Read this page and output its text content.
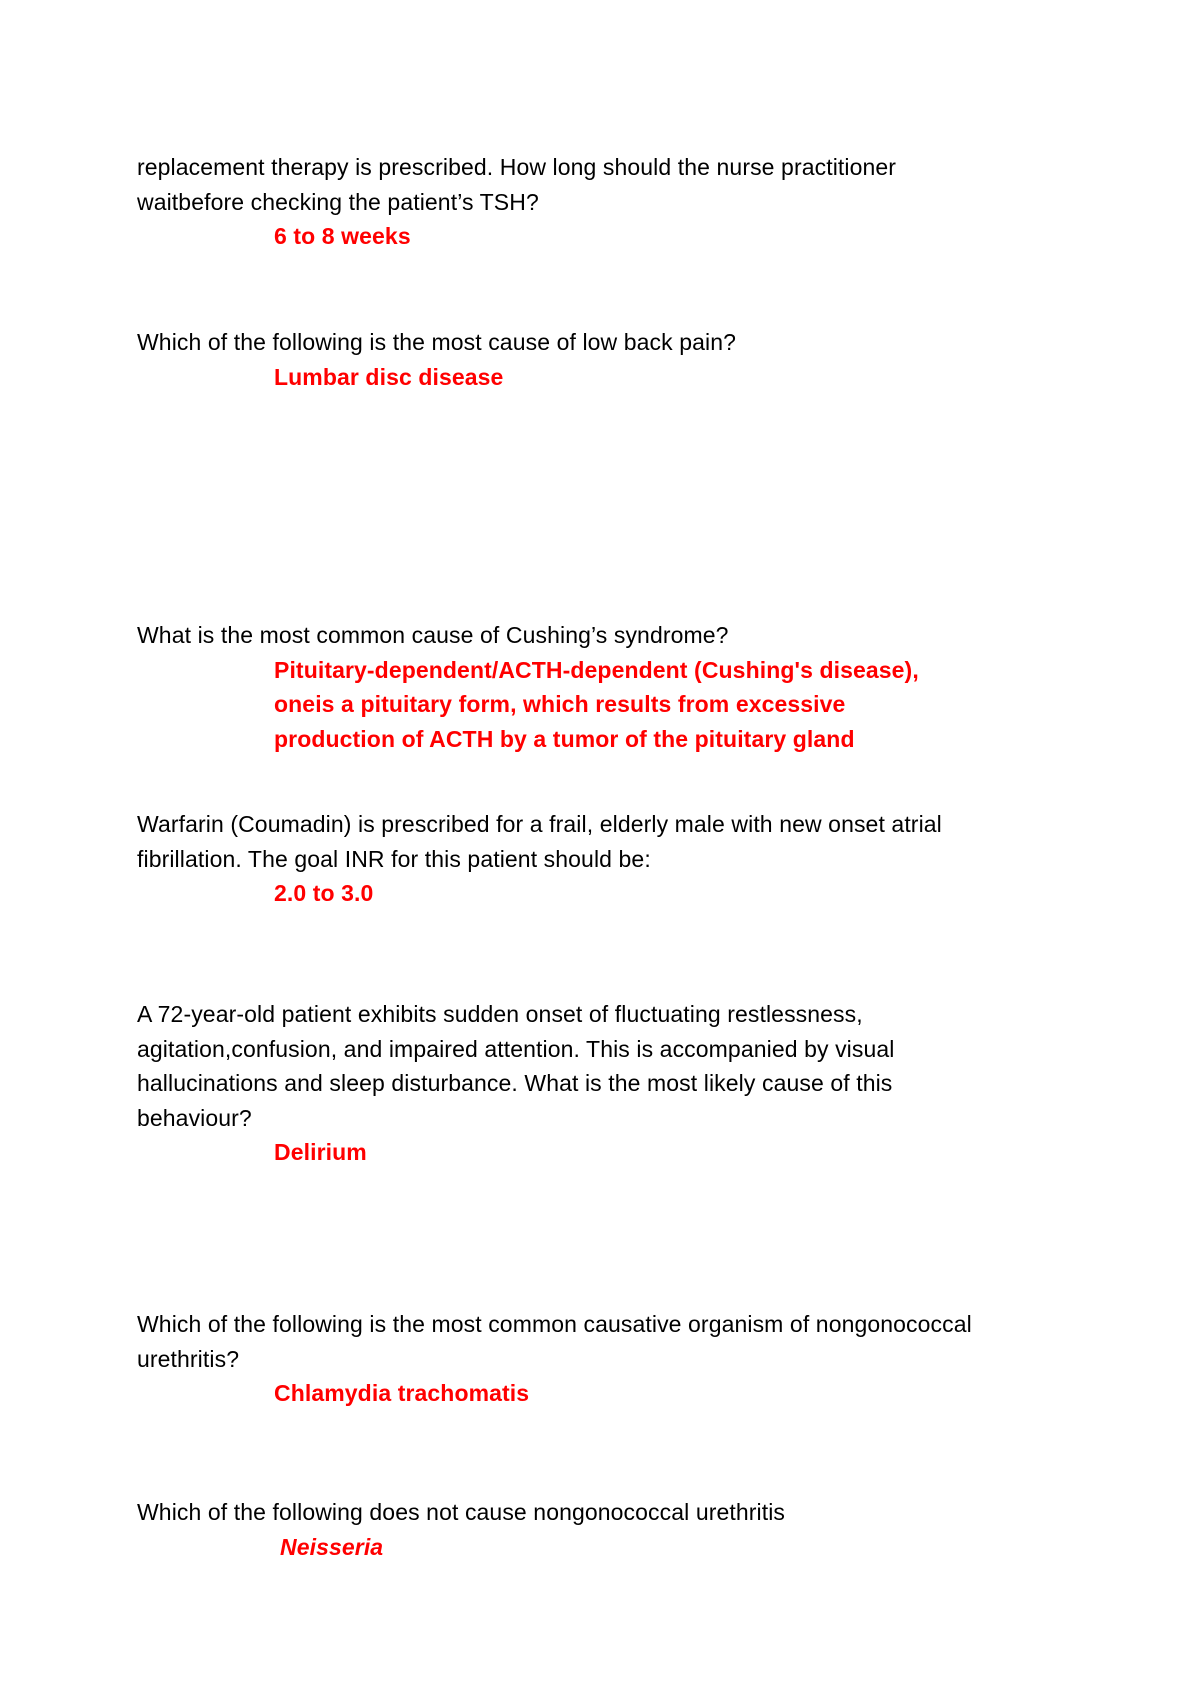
replacement therapy is prescribed. How long should the nurse practitioner
waitbefore checking the patient’s TSH?
6 to 8 weeks
Which of the following is the most cause of low back pain?
Lumbar disc disease
What is the most common cause of Cushing’s syndrome?
Pituitary-dependent/ACTH-dependent (Cushing's disease),
oneis a pituitary form, which results from excessive
production of ACTH by a tumor of the pituitary gland
Warfarin (Coumadin) is prescribed for a frail, elderly male with new onset atrial
fibrillation. The goal INR for this patient should be:
2.0 to 3.0
A 72-year-old patient exhibits sudden onset of fluctuating restlessness,
agitation,confusion, and impaired attention. This is accompanied by visual
hallucinations and sleep disturbance. What is the most likely cause of this
behaviour?
Delirium
Which of the following is the most common causative organism of nongonococcal
urethritis?
Chlamydia trachomatis
Which of the following does not cause nongonococcal urethritis
Neisseria
